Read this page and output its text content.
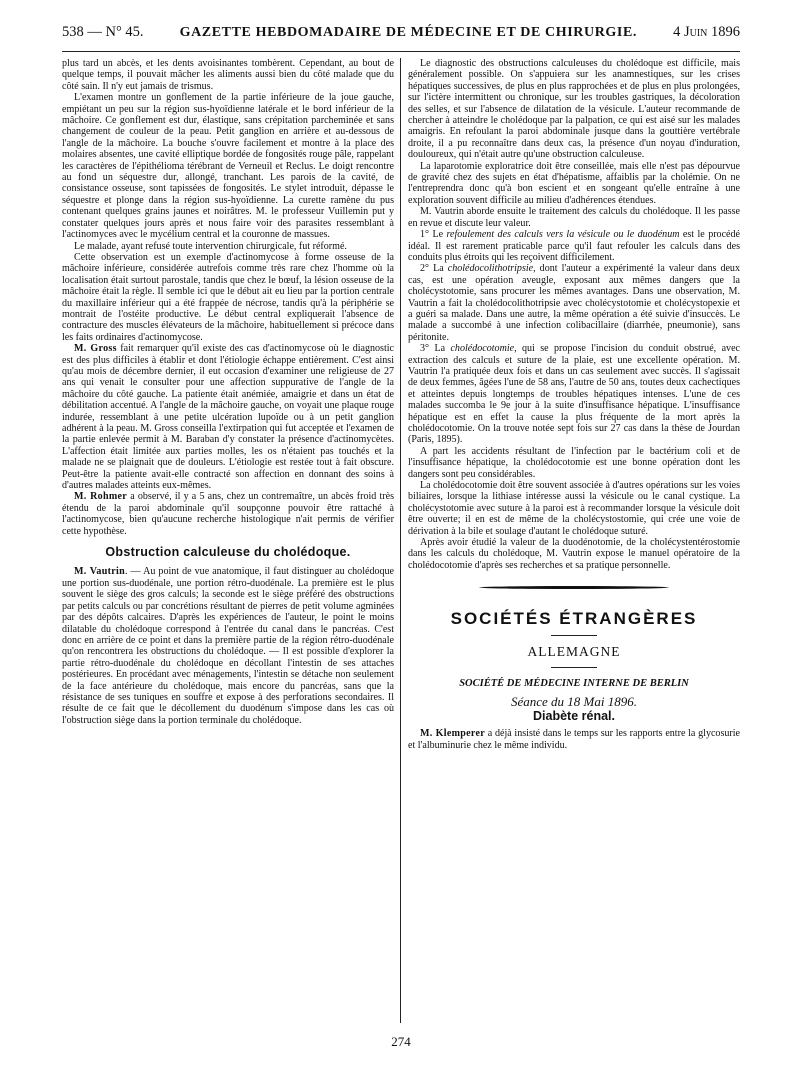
538 — N° 45.	GAZETTE HEBDOMADAIRE DE MÉDECINE ET DE CHIRURGIE. 4 Juin 1896

plus tard un abcès, et les dents avoisinantes tombèrent. Cependant, au bout de quelque temps, il pouvait mâcher les aliments aussi bien du côté malade que du côté sain. Il n'y eut jamais de trismus.

L'examen montre un gonflement de la partie inférieure de la joue gauche, empiétant un peu sur la région sus-hyoïdienne latérale et le bord inférieur de la mâchoire. Ce gonflement est dur, élastique, sans crépitation parcheminée et sans changement de couleur de la peau. Petit ganglion en arrière et au-dessous de l'angle de la mâchoire. La bouche s'ouvre facilement et montre à la place des molaires absentes, une cavité elliptique bordée de fongosités rouge pâle, rappelant les caractères de l'épithélioma térébrant de Verneuil et Reclus. Le doigt rencontre au fond un séquestre dur, allongé, tranchant. Les parois de la cavité, de consistance osseuse, sont tapissées de fongosités. Le stylet introduit, dépasse le séquestre et plonge dans la région sus-hyoïdienne. La curette ramène du pus contenant quelques grains jaunes et noirâtres. M. le professeur Vuillemin put y constater quelques jours après et nous faire voir des parasites ressemblant à l'actinomyces avec le mycélium central et la couronne de massues.

Le malade, ayant refusé toute intervention chirurgicale, fut réformé.

Cette observation est un exemple d'actinomycose à forme osseuse de la mâchoire inférieure, considérée autrefois comme très rare chez l'homme où la localisation était surtout parostale, tandis que chez le bœuf, la lésion osseuse de la mâchoire était la règle. Il semble ici que le début ait eu lieu par la portion centrale du maxillaire inférieur qui a été frappée de nécrose, tandis qu'à la périphérie se montrait de l'ostéite productive. Le début central expliquerait l'absence de contracture des muscles élévateurs de la mâchoire, habituellement si précoce dans les faits ordinaires d'actinomycose.

M. Gross fait remarquer qu'il existe des cas d'actinomycose où le diagnostic est des plus difficiles à établir et dont l'étiologie échappe entièrement. C'est ainsi qu'au mois de décembre dernier, il eut occasion d'examiner une religieuse de 27 ans qui venait le consulter pour une affection suppurative de l'angle de la mâchoire du côté gauche. La patiente était anémiée, amaigrie et dans un état de débilitation accentué. A l'angle de la mâchoire gauche, on voyait une plaque rouge indurée, ressemblant à une petite ulcération lupoïde ou à un petit ganglion adhérent à la peau. M. Gross conseilla l'extirpation qui fut acceptée et l'examen de la partie enlevée permit à M. Baraban d'y constater la présence d'actinomycètes. L'affection était limitée aux parties molles, les os n'étaient pas touchés et la malade ne se plaignait que de douleurs. L'étiologie est restée tout à fait obscure. Peut-être la patiente avait-elle contracté son affection en donnant des soins à d'autres malades atteints eux-mêmes.

M. Rohmer a observé, il y a 5 ans, chez un contremaître, un abcès froid très étendu de la paroi abdominale qu'il soupçonne pouvoir être rattaché à l'actinomycose, bien qu'aucune recherche histologique n'ait permis de vérifier cette hypothèse.

Obstruction calculeuse du cholédoque.

M. Vautrin. — Au point de vue anatomique, il faut distinguer au cholédoque une portion sus-duodénale, une portion rétro-duodénale. La première est le plus souvent le siège des gros calculs; la seconde est le siège préféré des obstructions par petits calculs ou par concrétions résultant de pierres de petit volume agminées par des dépôts calcaires. D'après les expériences de l'auteur, le point le moins dilatable du cholédoque correspond à l'entrée du canal dans le pancréas. C'est donc en arrière de ce point et dans la première partie de la région rétro-duodénale qu'on rencontrera les obstructions du cholédoque. — Il est possible d'explorer la partie rétro-duodénale du cholédoque en décollant l'intestin de ses attaches postérieures. En procédant avec ménagements, l'intestin se détache non seulement de la face antérieure du cholédoque, mais encore du pancréas, sans que la résistance de ses tuniques en souffre et expose à des perforations secondaires. Il résulte de ce fait que le décollement du duodénum s'impose dans les cas où l'obstruction siège dans la portion terminale du cholédoque.

Le diagnostic des obstructions calculeuses du cholédoque est difficile, mais généralement possible. On s'appuiera sur les anamnestiques, sur les crises hépatiques successives, de plus en plus rapprochées et de plus en plus prolongées, sur l'ictère intermittent ou chronique, sur les troubles gastriques, la décoloration des selles, et sur l'absence de dilatation de la vésicule. L'auteur recommande de chercher à atteindre le cholédoque par la palpation, ce qui est aisé sur les malades amaigris. En refoulant la paroi abdominale jusque dans la gouttière vertébrale droite, il a pu reconnaître dans deux cas, la présence d'un noyau d'induration, douloureux, qui n'était autre qu'une obstruction calculeuse.

La laparotomie exploratrice doit être conseillée, mais elle n'est pas dépourvue de gravité chez des sujets en état d'hépatisme, affaiblis par la cholémie. On ne l'entreprendra donc qu'à bon escient et en songeant qu'elle entraîne à une exploration souvent difficile au milieu d'adhérences étendues.

M. Vautrin aborde ensuite le traitement des calculs du cholédoque. Il les passe en revue et discute leur valeur.

1° Le refoulement des calculs vers la vésicule ou le duodénum est le procédé idéal. Il est rarement praticable parce qu'il faut refouler les calculs dans des conduits plus étroits qui les reçoivent difficilement.

2° La cholédocolithotripsie, dont l'auteur a expérimenté la valeur dans deux cas, est une opération aveugle, exposant aux mêmes dangers que la cholécystotomie, sans procurer les mêmes avantages. Dans une observation, M. Vautrin a fait la cholédocolithotripsie avec cholécystotomie et cholécystopexie et a guéri sa malade. Dans une autre, la même opération a été suivie d'insuccès. Le malade a succombé à une infection colibacillaire (diarrhée, pneumonie), sans péritonite.

3° La cholédocotomie, qui se propose l'incision du conduit obstrué, avec extraction des calculs et suture de la plaie, est une excellente opération. M. Vautrin l'a pratiquée deux fois et dans un cas seulement avec succès. Il s'agissait de deux femmes, âgées l'une de 58 ans, l'autre de 50 ans, toutes deux cachectiques et atteintes depuis longtemps de troubles hépatiques intenses. L'une de ces malades succomba le 9e jour à la suite d'insuffisance hépatique. L'insuffisance hépatique est en effet la cause la plus fréquente de la mort après la cholédocotomie. On la trouve notée sept fois sur 27 cas dans la thèse de Jourdan (Paris, 1895).

A part les accidents résultant de l'infection par le bactérium coli et de l'insuffisance hépatique, la cholédocotomie est une bonne opération dont les dangers sont peu considérables.

La cholédocotomie doit être souvent associée à d'autres opérations sur les voies biliaires, lorsque la lithiase intéresse aussi la vésicule ou le canal cystique. La cholécystotomie avec suture à la paroi est à recommander lorsque la vésicule doit être ouverte; il en est de même de la cholécystostomie, qui crée une voie de dérivation à la bile et soulage d'autant le cholédoque suturé.

Après avoir étudié la valeur de la duodénotomie, de la cholécystentérostomie dans les calculs du cholédoque, M. Vautrin expose le manuel opératoire de la cholédocotomie d'après ses recherches et sa pratique personnelle.

SOCIÉTÉS ÉTRANGÈRES
ALLEMAGNE
SOCIÉTÉ DE MÉDECINE INTERNE DE BERLIN
Séance du 18 Mai 1896.
Diabète rénal.

M. Klemperer a déjà insisté dans le temps sur les rapports entre la glycosurie et l'albuminurie chez le même individu.

274
